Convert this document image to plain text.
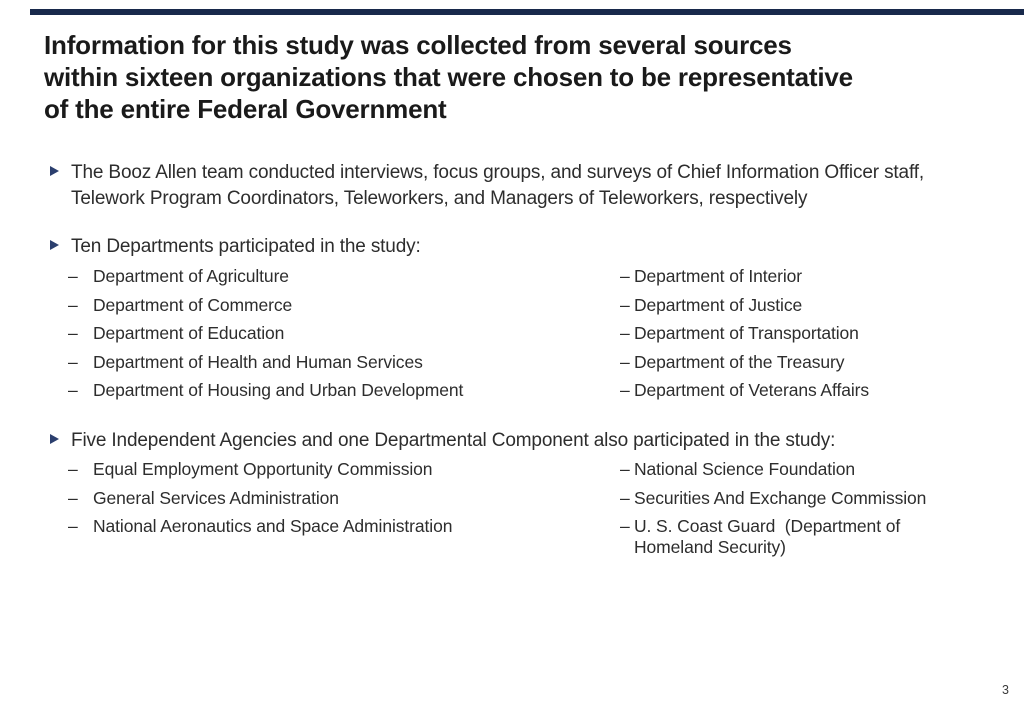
Information for this study was collected from several sources
within sixteen organizations that were chosen to be representative
of the entire Federal Government
The Booz Allen team conducted interviews, focus groups, and surveys of Chief Information Officer staff, Telework Program Coordinators, Teleworkers, and Managers of Teleworkers, respectively
Ten Departments participated in the study:
– Department of Agriculture
– Department of Commerce
– Department of Education
– Department of Health and Human Services
– Department of Housing and Urban Development
– Department of Interior
– Department of Justice
– Department of Transportation
– Department of the Treasury
– Department of Veterans Affairs
Five Independent Agencies and one Departmental Component also participated in the study:
– Equal Employment Opportunity Commission
– General Services Administration
– National Aeronautics and Space Administration
– National Science Foundation
– Securities And Exchange Commission
– U. S. Coast Guard  (Department of Homeland Security)
3
